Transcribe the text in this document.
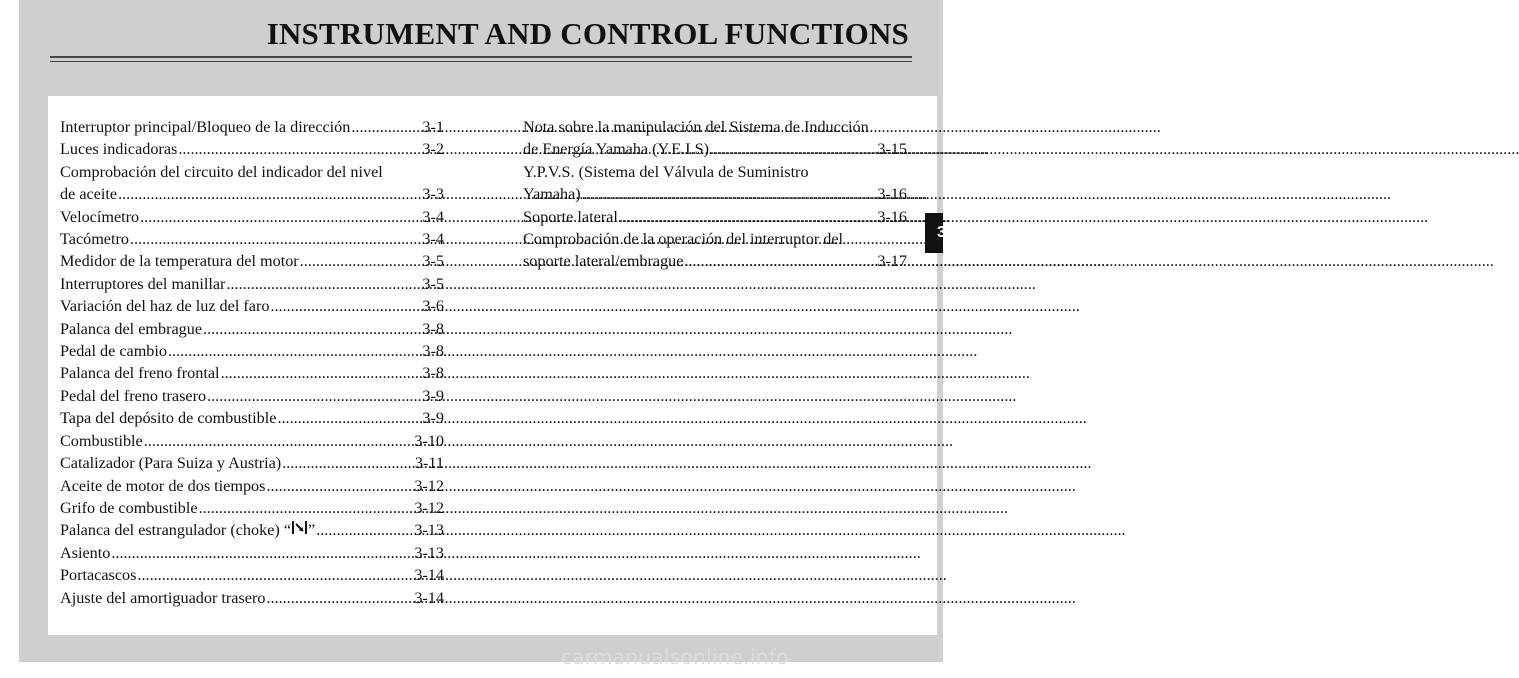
INSTRUMENT AND CONTROL FUNCTIONS
Interruptor principal/Bloqueo de la dirección .....	3-1
Luces indicadoras .....	3-2
Comprobación del circuito del indicador del nivel
de aceite .....	3-3
Velocímetro .....	3-4
Tacómetro .....	3-4
Medidor de la temperatura del motor .....	3-5
Interruptores del manillar .....	3-5
Variación del haz de luz del faro .....	3-6
Palanca del embrague .....	3-8
Pedal de cambio .....	3-8
Palanca del freno frontal .....	3-8
Pedal del freno trasero .....	3-9
Tapa del depósito de combustible .....	3-9
Combustible .....	3-10
Catalizador (Para Suiza y Austria) .....	3-11
Aceite de motor de dos tiempos .....	3-12
Grifo de combustible .....	3-12
Palanca del estrangulador (choke) “ ” .....	3-13
Asiento .....	3-13
Portacascos .....	3-14
Ajuste del amortiguador trasero .....	3-14
Nota sobre la manipulación del Sistema de Inducción
de Energía Yamaha (Y.E.I.S) .....	3-15
Y.P.V.S. (Sistema del Válvula de Suministro
Yamaha) .....	3-16
Soporte lateral .....	3-16
Comprobación de la operación del interruptor del
soporte lateral/embrague .....	3-17
3
carmanualsonline.info
